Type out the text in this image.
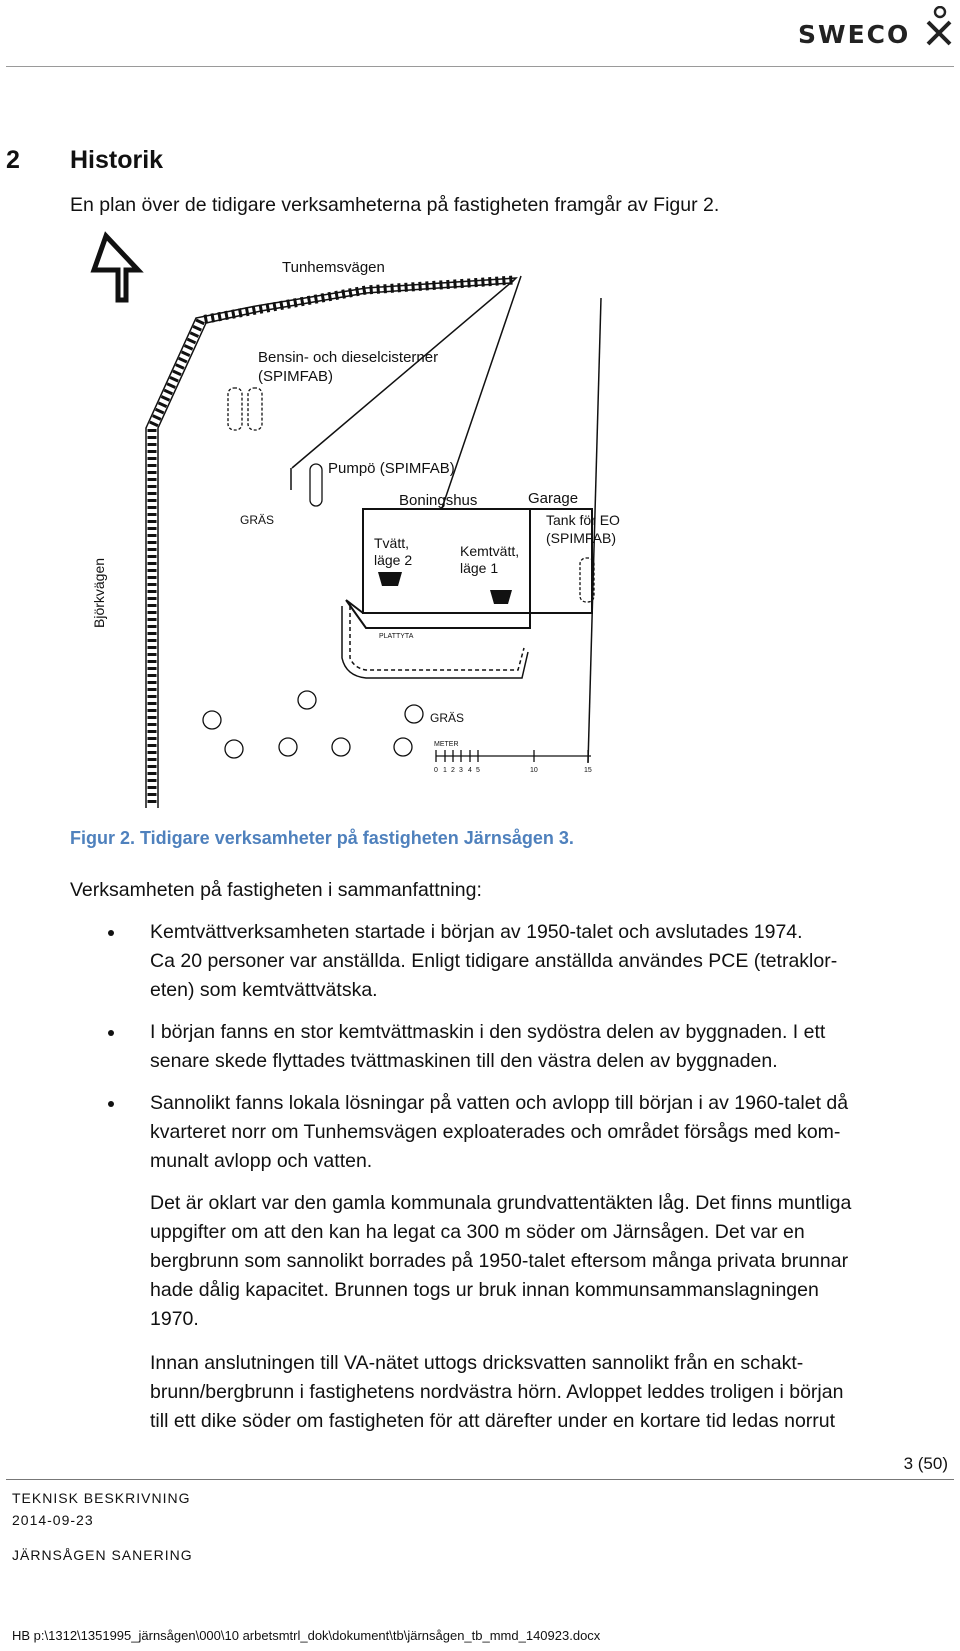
SWECO
2 Historik
En plan över de tidigare verksamheterna på fastigheten framgår av Figur 2.
0 1 2 3 4 5	10	15
METER
Tunhemsvägen
Björkvägen
Bensin- och dieselcisterner
(SPIMFAB)
Pumpö (SPIMFAB)
Boningshus	Garage
Tank för EO
(SPIMFAB)
Tvätt,
läge 2
Kemtvätt,
läge 1
PLATTYTA
GRÄS
GRÄS
Figur 2. Tidigare verksamheter på fastigheten Järnsågen 3.
Verksamheten på fastigheten i sammanfattning:
Kemtvättverksamheten startade i början av 1950-talet och avslutades 1974.
Ca 20 personer var anställda. Enligt tidigare anställda användes PCE (tetraklor-
eten) som kemtvättvätska.
I början fanns en stor kemtvättmaskin i den sydöstra delen av byggnaden. I ett
senare skede flyttades tvättmaskinen till den västra delen av byggnaden.
Sannolikt fanns lokala lösningar på vatten och avlopp till början i av 1960-talet då
kvarteret norr om Tunhemsvägen exploaterades och området försågs med kom-
munalt avlopp och vatten.
Det är oklart var den gamla kommunala grundvattentäkten låg. Det finns muntliga
uppgifter om att den kan ha legat ca 300 m söder om Järnsågen. Det var en
bergbrunn som sannolikt borrades på 1950-talet eftersom många privata brunnar
hade dålig kapacitet. Brunnen togs ur bruk innan kommunsammanslagningen
1970.
Innan anslutningen till VA-nätet uttogs dricksvatten sannolikt från en schakt-
brunn/bergbrunn i fastighetens nordvästra hörn. Avloppet leddes troligen i början
till ett dike söder om fastigheten för att därefter under en kortare tid ledas norrut
3 (50)
TEKNISK BESKRIVNING
2014-09-23
JÄRNSÅGEN SANERING
HB p:\1312\1351995_järnsågen\000\10 arbetsmtrl_dok\dokument\tb\järnsågen_tb_mmd_140923.docx
